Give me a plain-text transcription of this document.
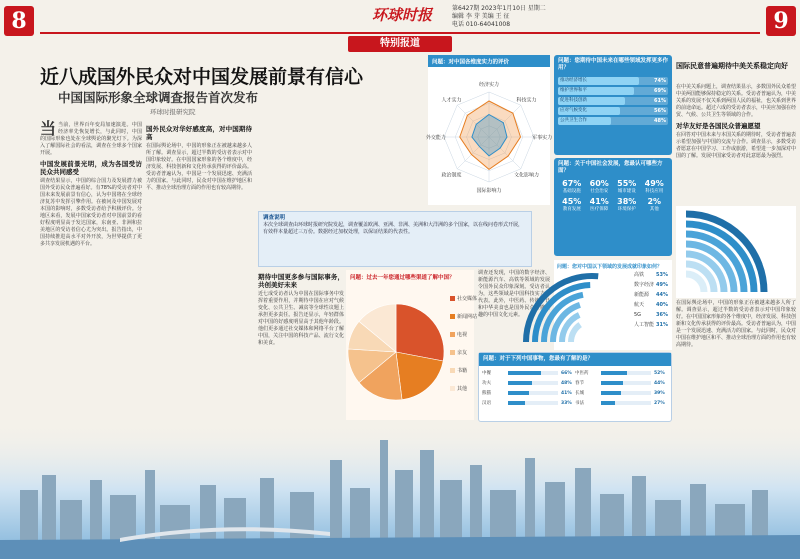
8	9
环球时报	第6427期 2023年1月10日 星期二
编辑 李 芽 美编 王 征
电话 010-64041008
特别报道
近八成国外民众对中国发展前景有信心
中国国际形象全球调查报告首次发布
环球时报研究院
当 当前，世界百年变局加速演进。中国经济率先恢复增长，与此同时，中国的国际形象也处在全球舆论的聚光灯下。为深入了解国际社会的看法，调查在全球多个国家开展。
中国发展前景光明，成为各国受访民众共同感受
调查结果显示，中国的综合国力及发展潜力被国外受访民众普遍看好。有78%的受访者对中国未来发展前景有信心，认为中国将在全球经济复苏中发挥引擎作用。在被问及中国发展对本国的影响时，多数受访者给予积极评价。分地区来看，发展中国家受访者对中国前景的看好程度明显高于发达国家，东南亚、非洲和拉美地区的受访者信心尤为突出。报告指出，中国持续推进高水平对外开放，为世界提供了更多共享发展机遇的平台。
国外民众对华好感度高，对中国期待高
在国际舆论场中，中国的形象正在被越来越多人所了解。调查显示，超过半数的受访者表示对中国印象较好。在中国国家形象的各个维度中，经济发展、科技创新和文化传承获得的评价最高。受访者普遍认为，中国是一个发展迅速、充满活力的国家。与此同时，民众对中国在维护地区和平、推动全球治理方面的作用也有较高期待。
问题：对中国各维度实力的评价
经济实力
科技实力
军事实力
文化影响力
国际影响力
政治制度
外交能力
人才实力
问题：您期待中国未来在哪些领域发挥更多作用？
推动经济增长	74%
维护世界和平	69%
促进科技创新	61%
应对气候变化	56%
公共卫生合作	48%
问题：关于中国社会发展，您最认可哪些方面？
67%
基础设施
60%
社会治安
55%
城市建设
49%
科技应用
45%
教育发展
41%
医疗保障
38%
环境保护
2%
其他
调查说明
本次全球调查由环球时报研究院发起，调查覆盖欧洲、亚洲、非洲、美洲和大洋洲的多个国家，以在线问卷形式开展，有效样本量超过三万份。数据经过加权处理，以保证结果的代表性。
期待中国更多参与国际事务，共创美好未来
近七成受访者认为中国在国际事务中发挥着重要作用，并期待中国在应对气候变化、公共卫生、减贫等全球性议题上承担更多责任。报告还显示，年轻群体对中国的好感度明显高于其他年龄段。他们更多通过社交媒体和网络平台了解中国，关注中国的科技产品、流行文化和美食。
问题：过去一年您通过哪些渠道了解中国？
社交媒体
新闻网站
电视
亲友
书籍
其他
调查还发现，中国的数字经济、新能源汽车、高铁等领域的发展令国外民众印象深刻。受访者认为，这些领域是中国科技实力的代表。此外，中医药、传统节日和中华美食也是国外民众最感兴趣的中国文化元素。
问题：您对中国以下领域的发展成就印象如何？
高铁 53%
数字经济 49%
新能源 44%
航天 40%
5G	36%
人工智能 31%
问题：对于下列中国事物，您最有了解的是？
中餐	66% 中医药	52%
功夫	48% 春节	44%
熊猫	41% 长城	39%
汉语	33% 书法	27%
国际民意普遍期待中美关系稳定向好
在中美关系问题上，调查结果显示，多数国外民众希望中美两国能够保持稳定的关系。受访者普遍认为，中美关系的发展不仅关系到两国人民的福祉，也关系到世界的前途命运。超过六成的受访者表示，中美应加强在经贸、气候、公共卫生等领域的合作。
对华友好是各国民众普遍愿望
在回答对中国未来与本国关系的期待时，受访者普遍表示希望加强与中国的交流与合作。调查显示，多数受访者愿意在中国学习、工作或旅游，希望进一步加深对中国的了解。发展中国家受访者对此意愿最为强烈。
在国际舆论场中，中国的形象正在被越来越多人所了解。调查显示，超过半数的受访者表示对中国印象较好。在中国国家形象的各个维度中，经济发展、科技创新和文化传承获得的评价最高。受访者普遍认为，中国是一个发展迅速、充满活力的国家。与此同时，民众对中国在维护地区和平、推动全球治理方面的作用也有较高期待。
